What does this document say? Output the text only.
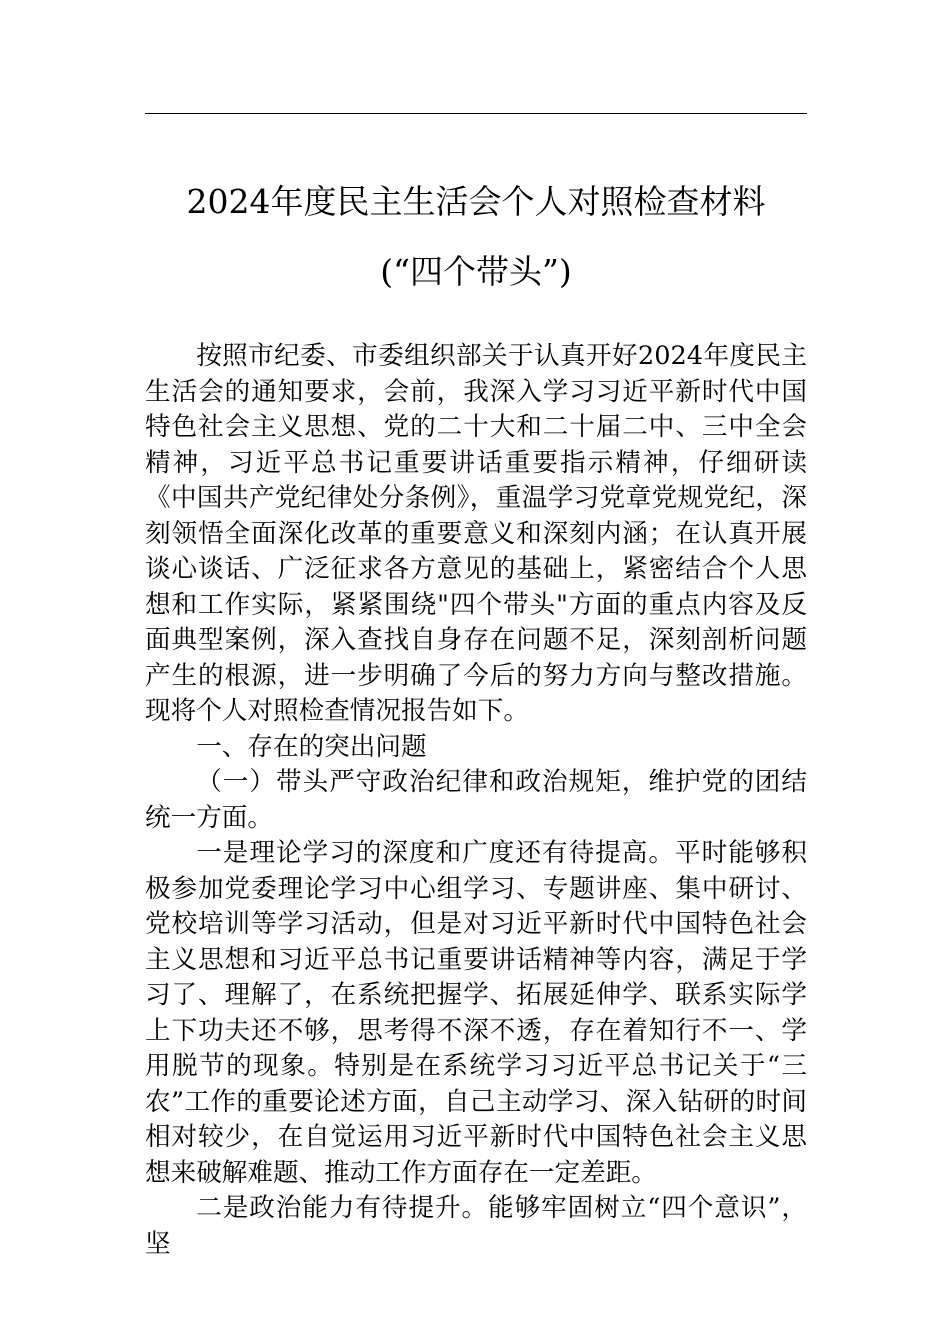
2024年度民主生活会个人对照检查材料
(“四个带头”)

按照市纪委、市委组织部关于认真开好2024年度民主生活会的通知要求，会前，我深入学习习近平新时代中国特色社会主义思想、党的二十大和二十届二中、三中全会精神，习近平总书记重要讲话重要指示精神，仔细研读《中国共产党纪律处分条例》，重温学习党章党规党纪，深刻领悟全面深化改革的重要意义和深刻内涵；在认真开展谈心谈话、广泛征求各方意见的基础上，紧密结合个人思想和工作实际，紧紧围绕"四个带头"方面的重点内容及反面典型案例，深入查找自身存在问题不足，深刻剖析问题产生的根源，进一步明确了今后的努力方向与整改措施。现将个人对照检查情况报告如下。

一、存在的突出问题

（一）带头严守政治纪律和政治规矩，维护党的团结统一方面。

一是理论学习的深度和广度还有待提高。平时能够积极参加党委理论学习中心组学习、专题讲座、集中研讨、党校培训等学习活动，但是对习近平新时代中国特色社会主义思想和习近平总书记重要讲话精神等内容，满足于学习了、理解了，在系统把握学、拓展延伸学、联系实际学上下功夫还不够，思考得不深不透，存在着知行不一、学用脱节的现象。特别是在系统学习习近平总书记关于“三农”工作的重要论述方面，自己主动学习、深入钻研的时间相对较少，在自觉运用习近平新时代中国特色社会主义思想来破解难题、推动工作方面存在一定差距。

二是政治能力有待提升。能够牢固树立“四个意识”，坚
